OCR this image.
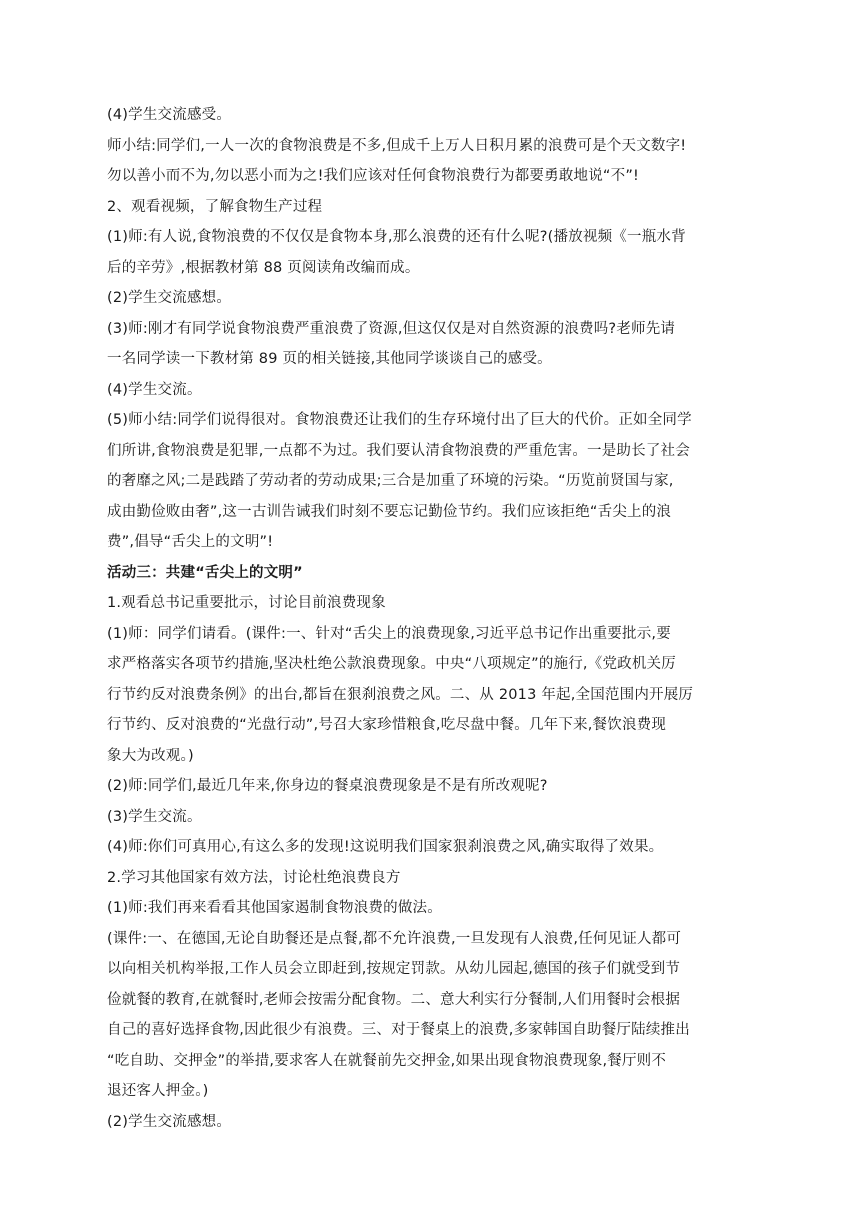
(4)学生交流感受。
师小结:同学们,一人一次的食物浪费是不多,但成千上万人日积月累的浪费可是个天文数字!
勿以善小而不为,勿以恶小而为之!我们应该对任何食物浪费行为都要勇敢地说“不”!
2、观看视频，了解食物生产过程
(1)师:有人说,食物浪费的不仅仅是食物本身,那么浪费的还有什么呢?(播放视频《一瓶水背
后的辛劳》,根据教材第 88 页阅读角改编而成。
(2)学生交流感想。
(3)师:刚才有同学说食物浪费严重浪费了资源,但这仅仅是对自然资源的浪费吗?老师先请
一名同学读一下教材第 89 页的相关链接,其他同学谈谈自己的感受。
(4)学生交流。
(5)师小结:同学们说得很对。食物浪费还让我们的生存环境付出了巨大的代价。正如全同学
们所讲,食物浪费是犯罪,一点都不为过。我们要认清食物浪费的严重危害。一是助长了社会
的奢靡之风;二是践踏了劳动者的劳动成果;三合是加重了环境的污染。“历览前贤国与家,
成由勤俭败由奢”,这一古训告诫我们时刻不要忘记勤俭节约。我们应该拒绝“舌尖上的浪
费”,倡导“舌尖上的文明”!
活动三：共建“舌尖上的文明”
1.观看总书记重要批示，讨论目前浪费现象
(1)师：同学们请看。(课件:一、针对“舌尖上的浪费现象,习近平总书记作出重要批示,要
求严格落实各项节约措施,坚决杜绝公款浪费现象。中央“八项规定”的施行,《党政机关厉
行节约反对浪费条例》的出台,都旨在狠刹浪费之风。二、从 2013 年起,全国范围内开展厉
行节约、反对浪费的“光盘行动”,号召大家珍惜粮食,吃尽盘中餐。几年下来,餐饮浪费现
象大为改观。)
(2)师:同学们,最近几年来,你身边的餐桌浪费现象是不是有所改观呢?
(3)学生交流。
(4)师:你们可真用心,有这么多的发现!这说明我们国家狠刹浪费之风,确实取得了效果。
2.学习其他国家有效方法，讨论杜绝浪费良方
(1)师:我们再来看看其他国家遏制食物浪费的做法。
(课件:一、在德国,无论自助餐还是点餐,都不允许浪费,一旦发现有人浪费,任何见证人都可
以向相关机构举报,工作人员会立即赶到,按规定罚款。从幼儿园起,德国的孩子们就受到节
俭就餐的教育,在就餐时,老师会按需分配食物。二、意大利实行分餐制,人们用餐时会根据
自己的喜好选择食物,因此很少有浪费。三、对于餐桌上的浪费,多家韩国自助餐厅陆续推出
“吃自助、交押金”的举措,要求客人在就餐前先交押金,如果出现食物浪费现象,餐厅则不
退还客人押金。)
(2)学生交流感想。
